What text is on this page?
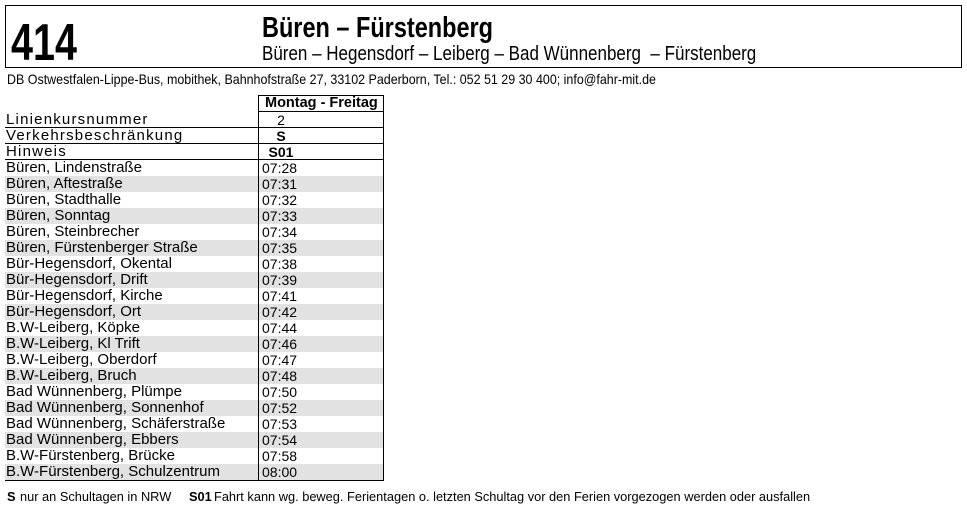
414	Büren – Fürstenberg
Büren – Hegensdorf – Leiberg – Bad Wünnenberg  – Fürstenberg
DB Ostwestfalen-Lippe-Bus, mobithek, Bahnhofstraße 27, 33102 Paderborn, Tel.: 052 51 29 30 400; info@fahr-mit.de
Montag - Freitag
Linienkursnummer	2
Verkehrsbeschränkung	S
Hinweis	S01
Büren, Lindenstraße	07:28
Büren, Aftestraße	07:31
Büren, Stadthalle	07:32
Büren, Sonntag	07:33
Büren, Steinbrecher	07:34
Büren, Fürstenberger Straße	07:35
Bür-Hegensdorf, Okental	07:38
Bür-Hegensdorf, Drift	07:39
Bür-Hegensdorf, Kirche	07:41
Bür-Hegensdorf, Ort	07:42
B.W-Leiberg, Köpke	07:44
B.W-Leiberg, Kl Trift	07:46
B.W-Leiberg, Oberdorf	07:47
B.W-Leiberg, Bruch	07:48
Bad Wünnenberg, Plümpe	07:50
Bad Wünnenberg, Sonnenhof	07:52
Bad Wünnenberg, Schäferstraße	07:53
Bad Wünnenberg, Ebbers	07:54
B.W-Fürstenberg, Brücke	07:58
B.W-Fürstenberg, Schulzentrum	08:00
S nur an Schultagen in NRW S01 Fahrt kann wg. beweg. Ferientagen o. letzten Schultag vor den Ferien vorgezogen werden oder ausfallen
